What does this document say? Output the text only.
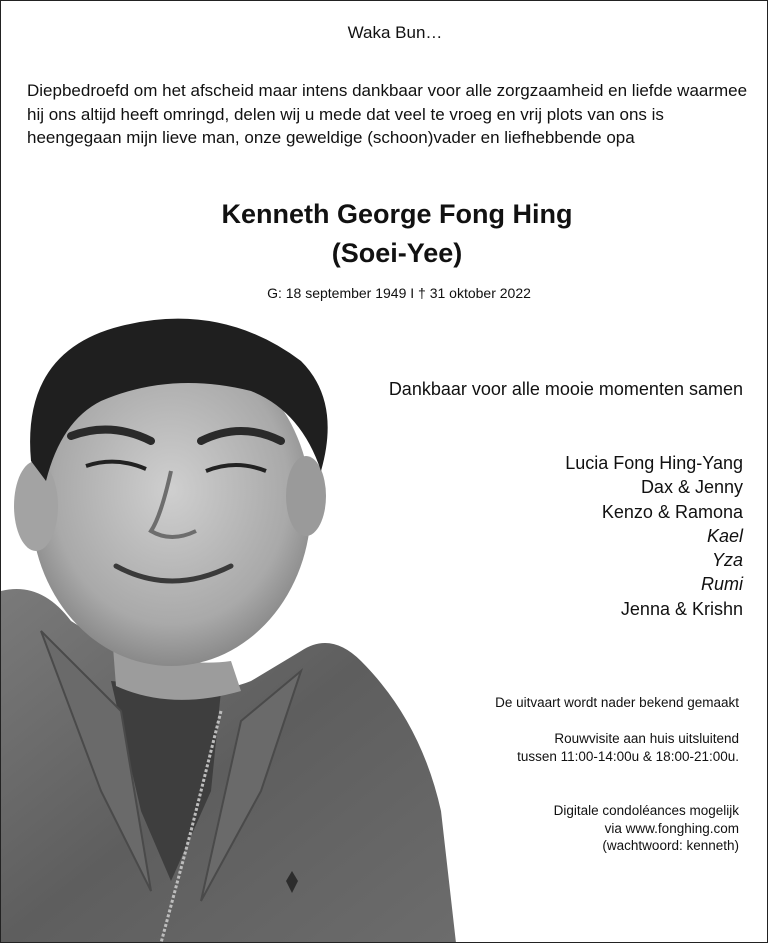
Waka Bun…
Diepbedroefd om het afscheid maar intens dankbaar voor alle zorgzaamheid en liefde waarmee hij ons altijd heeft omringd, delen wij u mede dat veel te vroeg en vrij plots van ons is heengegaan mijn lieve man, onze geweldige (schoon)vader en liefhebbende opa
Kenneth George Fong Hing
(Soei-Yee)
G: 18 september 1949 I † 31 oktober 2022
Dankbaar voor alle mooie momenten samen
Lucia Fong Hing-Yang
Dax & Jenny
Kenzo & Ramona
Kael
Yza
Rumi
Jenna & Krishn
De uitvaart wordt nader bekend gemaakt
Rouwvisite aan huis uitsluitend
tussen 11:00-14:00u & 18:00-21:00u.
Digitale condoléances mogelijk
via www.fonghing.com
(wachtwoord: kenneth)
